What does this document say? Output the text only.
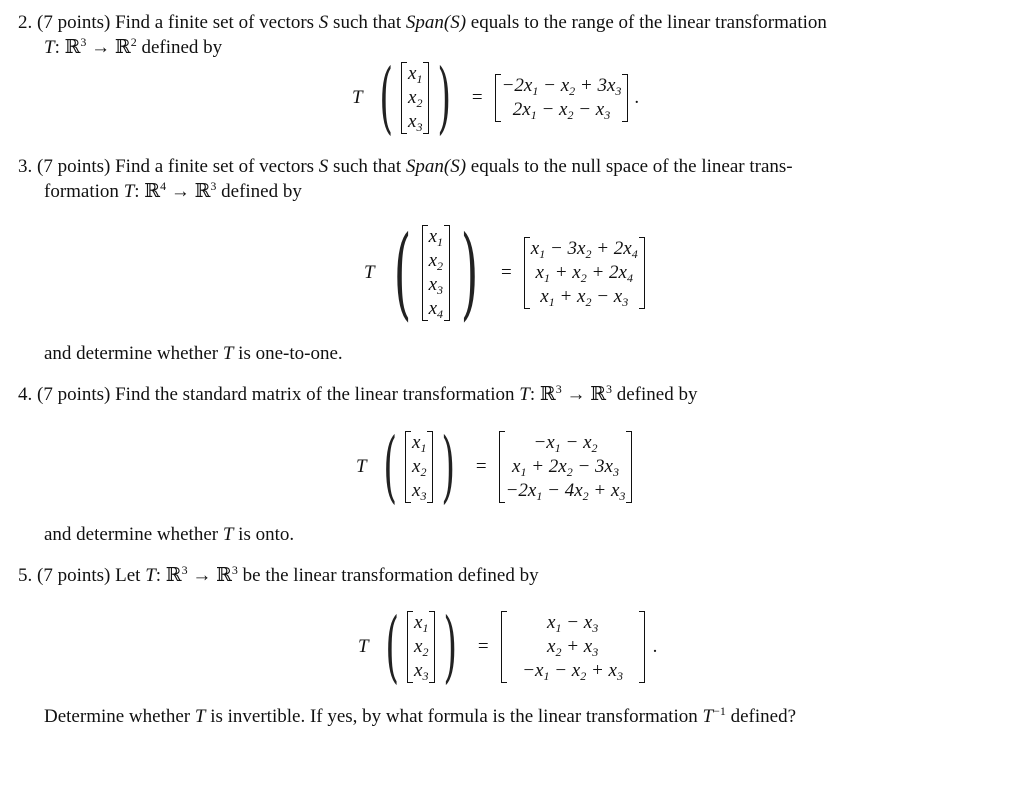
2. (7 points) Find a finite set of vectors S such that Span(S) equals to the range of the linear transformation
T: ℝ$^3$ → ℝ$^2$ defined by
T ( $x_1$
$x_2$
$x_3$ ) =
$-2x_1 - x_2 + 3x_3$
$2x_1 - x_2 - x_3$
.
3. (7 points) Find a finite set of vectors S such that Span(S) equals to the null space of the linear trans-
formation T: ℝ$^4$ → ℝ$^3$ defined by
T ( $x_1$
$x_2$
$x_3$
$x_4$ ) =
$x_1 - 3x_2 + 2x_4$
$x_1 + x_2 + 2x_4$
$x_1 + x_2 - x_3$
and determine whether T is one-to-one.
4. (7 points) Find the standard matrix of the linear transformation T: ℝ$^3$ → ℝ$^3$ defined by
T ( $x_1$
$x_2$
$x_3$ ) =
$-x_1 - x_2$
$x_1 + 2x_2 - 3x_3$
$-2x_1 - 4x_2 + x_3$
and determine whether T is onto.
5. (7 points) Let T: ℝ$^3$ → ℝ$^3$ be the linear transformation defined by
T ( $x_1$
$x_2$
$x_3$ ) =
$x_1 - x_3$
$x_2 + x_3$
$-x_1 - x_2 + x_3$
.
Determine whether T is invertible. If yes, by what formula is the linear transformation $T^{-1}$ defined?
